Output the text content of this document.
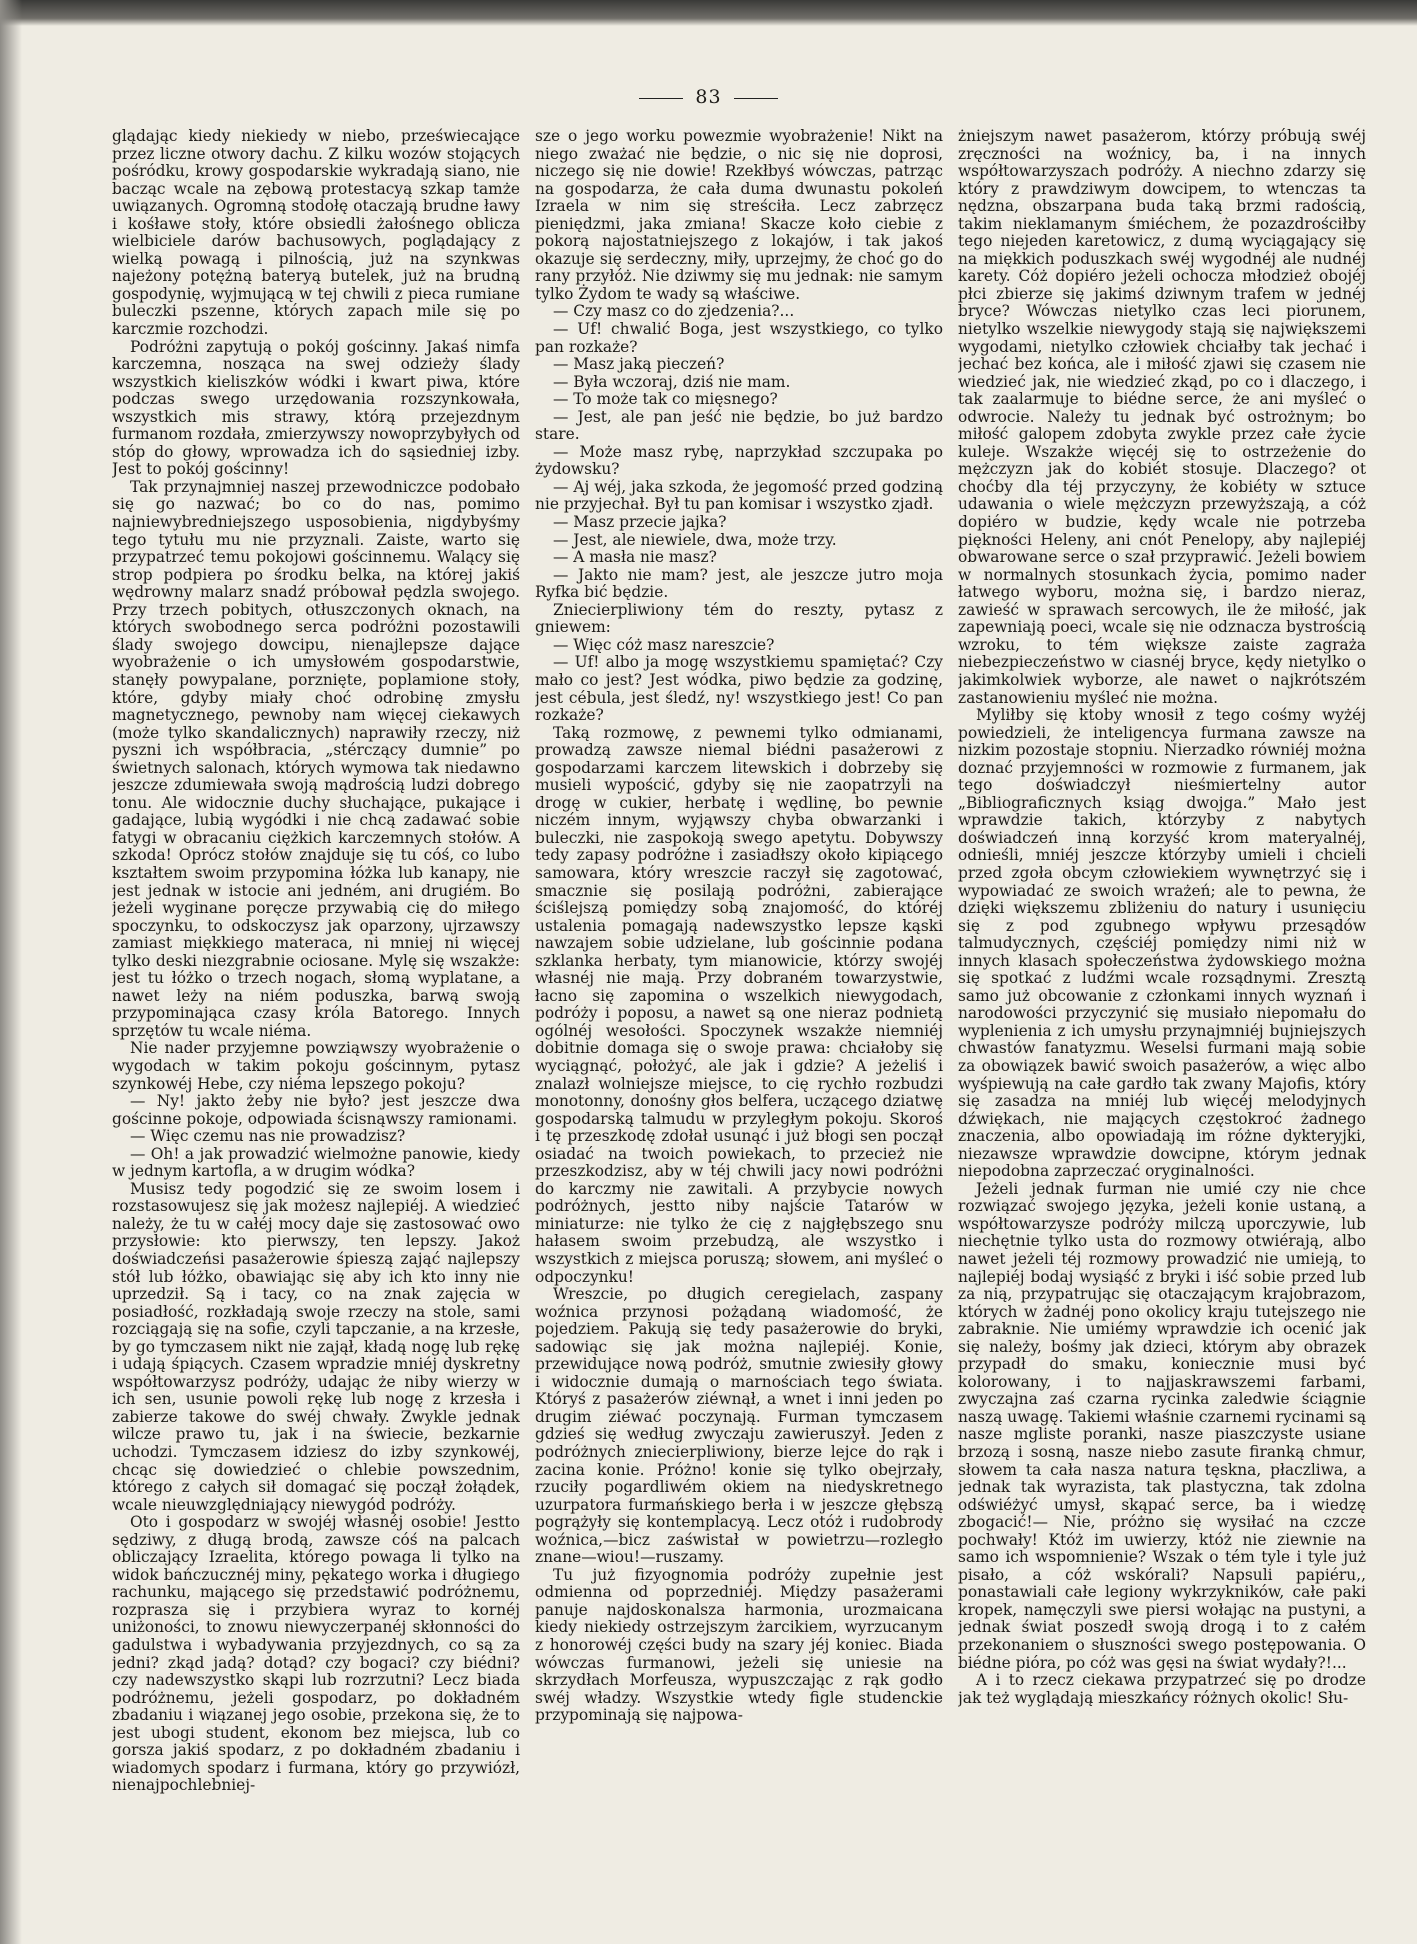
83

glądając kiedy niekiedy w niebo, przeświecające przez liczne otwory dachu. Z kilku wozów stojących pośródku, krowy gospodarskie wykradają siano, nie bacząc wcale na zębową protestacyą szkap tamże uwiązanych. Ogromną stodołę otaczają brudne ławy i kośławe stoły, które obsiedli żałośnego oblicza wielbiciele darów bachusowych, poglądający z wielką powagą i pilnością, już na szynkwas najeżony potężną bateryą butelek, już na brudną gospodynię, wyjmującą w tej chwili z pieca rumiane buleczki pszenne, których zapach mile się po karczmie rozchodzi.

Podróżni zapytują o pokój gościnny. Jakaś nimfa karczemna, nosząca na swej odzieży ślady wszystkich kieliszków wódki i kwart piwa, które podczas swego urzędowania rozszynkowała, wszystkich mis strawy, którą przejezdnym furmanom rozdała, zmierzywszy nowoprzybyłych od stóp do głowy, wprowadza ich do sąsiedniej izby. Jest to pokój gościnny!

Tak przynajmniej naszej przewodniczce podobało się go nazwać; bo co do nas, pomimo najniewybredniejszego usposobienia, nigdybyśmy tego tytułu mu nie przyznali. Zaiste, warto się przypatrzeć temu pokojowi gościnnemu. Walący się strop podpiera po środku belka, na której jakiś wędrowny malarz snadź próbował pędzla swojego. Przy trzech pobitych, otłuszczonych oknach, na których swobodnego serca podróżni pozostawili ślady swojego dowcipu, nienajlepsze dające wyobrażenie o ich umysłowém gospodarstwie, stanęły powypalane, porznięte, poplamione stoły, które, gdyby miały choć odrobinę zmysłu magnetycznego, pewnoby nam więcej ciekawych (może tylko skandalicznych) naprawiły rzeczy, niż pyszni ich współbracia, „stérczący dumnie” po świetnych salonach, których wymowa tak niedawno jeszcze zdumiewała swoją mądrością ludzi dobrego tonu. Ale widocznie duchy słuchające, pukające i gadające, lubią wygódki i nie chcą zadawać sobie fatygi w obracaniu ciężkich karczemnych stołów. A szkoda! Oprócz stołów znajduje się tu cóś, co lubo kształtem swoim przypomina łóżka lub kanapy, nie jest jednak w istocie ani jedném, ani drugiém. Bo jeżeli wyginane poręcze przywabią cię do miłego spoczynku, to odskoczysz jak oparzony, ujrzawszy zamiast miękkiego materaca, ni mniej ni więcej tylko deski niezgrabnie ociosane. Mylę się wszakże: jest tu łóżko o trzech nogach, słomą wyplatane, a nawet leży na niém poduszka, barwą swoją przypominająca czasy króla Batorego. Innych sprzętów tu wcale niéma.

Nie nader przyjemne powziąwszy wyobrażenie o wygodach w takim pokoju gościnnym, pytasz szynkowéj Hebe, czy niéma lepszego pokoju?

— Ny! jakto żeby nie było? jest jeszcze dwa gościnne pokoje, odpowiada ścisnąwszy ramionami.

— Więc czemu nas nie prowadzisz?

— Oh! a jak prowadzić wielmożne panowie, kiedy w jednym kartofla, a w drugim wódka?

Musisz tedy pogodzić się ze swoim losem i rozstasowujesz się jak możesz najlepiéj. A wiedzieć należy, że tu w całéj mocy daje się zastosować owo przysłowie: kto pierwszy, ten lepszy. Jakoż doświadczeńsi pasażerowie śpieszą zająć najlepszy stół lub łóżko, obawiając się aby ich kto inny nie uprzedził. Są i tacy, co na znak zajęcia w posiadłość, rozkładają swoje rzeczy na stole, sami rozciągają się na sofie, czyli tapczanie, a na krzesłe, by go tymczasem nikt nie zajął, kładą nogę lub rękę i udają śpiących. Czasem wpradzie mniéj dyskretny współtowarzysz podróży, udając że niby wierzy w ich sen, usunie powoli rękę lub nogę z krzesła i zabierze takowe do swéj chwały. Zwykle jednak wilcze prawo tu, jak i na świecie, bezkarnie uchodzi. Tymczasem idziesz do izby szynkowéj, chcąc się dowiedzieć o chlebie powszednim, którego z całych sił domagać się począł żołądek, wcale nieuwzględniający niewygód podróży.

Oto i gospodarz w swojéj własnéj osobie! Jestto sędziwy, z długą brodą, zawsze cóś na palcach obliczający Izraelita, którego powaga li tylko na widok bańczucznéj miny, pękatego worka i długiego rachunku, mającego się przedstawić podróżnemu, rozprasza się i przybiera wyraz to kornéj uniżoności, to znowu niewyczerpanéj skłonności do gadulstwa i wybadywania przyjezdnych, co są za jedni? zkąd jadą? dotąd? czy bogaci? czy biédni? czy nadewszystko skąpi lub rozrzutni? Lecz biada podróżnemu, jeżeli gospodarz, po dokładném zbadaniu i wiązanej jego osobie, przekona się, że to jest ubogi student, ekonom bez miejsca, lub co gorsza jakiś spodarz, z po dokładném zbadaniu i wiadomych spodarz i furmana, który go przywiózł, nienajpochlebniej-

sze o jego worku powezmie wyobrażenie! Nikt na niego zważać nie będzie, o nic się nie doprosi, niczego się nie dowie! Rzekłbyś wówczas, patrząc na gospodarza, że cała duma dwunastu pokoleń Izraela w nim się streściła. Lecz zabrzęcz pieniędzmi, jaka zmiana! Skacze koło ciebie z pokorą najostatniejszego z lokajów, i tak jakoś okazuje się serdeczny, miły, uprzejmy, że choć go do rany przyłóż. Nie dziwmy się mu jednak: nie samym tylko Żydom te wady są właściwe.

— Czy masz co do zjedzenia?...

— Uf! chwalić Boga, jest wszystkiego, co tylko pan rozkaże?

— Masz jaką pieczeń?

— Była wczoraj, dziś nie mam.

— To może tak co mięsnego?

— Jest, ale pan jeść nie będzie, bo już bardzo stare.

— Może masz rybę, naprzykład szczupaka po żydowsku?

— Aj wéj, jaka szkoda, że jegomość przed godziną nie przyjechał. Był tu pan komisar i wszystko zjadł.

— Masz przecie jajka?

— Jest, ale niewiele, dwa, może trzy.

— A masła nie masz?

— Jakto nie mam? jest, ale jeszcze jutro moja Ryfka bić będzie.

Zniecierpliwiony tém do reszty, pytasz z gniewem:

— Więc cóż masz nareszcie?

— Uf! albo ja mogę wszystkiemu spamiętać? Czy mało co jest? Jest wódka, piwo będzie za godzinę, jest cébula, jest śledź, ny! wszystkiego jest! Co pan rozkaże?

Taką rozmowę, z pewnemi tylko odmianami, prowadzą zawsze niemal biédni pasażerowi z gospodarzami karczem litewskich i dobrzeby się musieli wypościć, gdyby się nie zaopatrzyli na drogę w cukier, herbatę i wędlinę, bo pewnie niczém innym, wyjąwszy chyba obwarzanki i buleczki, nie zaspokoją swego apetytu. Dobywszy tedy zapasy podróżne i zasiadłszy około kipiącego samowara, który wreszcie raczył się zagotować, smacznie się posilają podróżni, zabierające ściślejszą pomiędzy sobą znajomość, do któréj ustalenia pomagają nadewszystko lepsze kąski nawzajem sobie udzielane, lub gościnnie podana szklanka herbaty, tym mianowicie, którzy swojéj własnéj nie mają. Przy dobraném towarzystwie, łacno się zapomina o wszelkich niewygodach, podróży i poposu, a nawet są one nieraz podnietą ogólnéj wesołości. Spoczynek wszakże niemniéj dobitnie domaga się o swoje prawa: chciałoby się wyciągnąć, położyć, ale jak i gdzie? A jeżeliś i znalazł wolniejsze miejsce, to cię rychło rozbudzi monotonny, donośny głos belfera, uczącego dziatwę gospodarską talmudu w przyległym pokoju. Skoroś i tę przeszkodę zdołał usunąć i już błogi sen począł osiadać na twoich powiekach, to przecież nie przeszkodzisz, aby w téj chwili jacy nowi podróżni do karczmy nie zawitali. A przybycie nowych podróżnych, jestto niby najście Tatarów w miniaturze: nie tylko że cię z najgłębszego snu hałasem swoim przebudzą, ale wszystko i wszystkich z miejsca poruszą; słowem, ani myśleć o odpoczynku!

Wreszcie, po długich ceregielach, zaspany woźnica przynosi pożądaną wiadomość, że pojedziem. Pakują się tedy pasażerowie do bryki, sadowiąc się jak można najlepiéj. Konie, przewidujące nową podróż, smutnie zwiesiły głowy i widocznie dumają o marnościach tego świata. Któryś z pasażerów ziéwnął, a wnet i inni jeden po drugim ziéwać poczynają. Furman tymczasem gdzieś się według zwyczaju zawieruszył. Jeden z podróżnych zniecierpliwiony, bierze lejce do rąk i zacina konie. Próżno! konie się tylko obejrzały, rzuciły pogardliwém okiem na niedyskretnego uzurpatora furmańskiego berła i w jeszcze głębszą pogrążyły się kontemplacyą. Lecz otóż i rudobrody woźnica,—bicz zaświstał w powietrzu—rozległo znane—wiou!—ruszamy.

Tu już fizyognomia podróży zupełnie jest odmienna od poprzedniéj. Między pasażerami panuje najdoskonalsza harmonia, urozmaicana kiedy niekiedy ostrzejszym żarcikiem, wyrzucanym z honorowéj części budy na szary jéj koniec. Biada wówczas furmanowi, jeżeli się uniesie na skrzydłach Morfeusza, wypuszczając z rąk godło swéj władzy. Wszystkie wtedy figle studenckie przypominają się najpowa-

żniejszym nawet pasażerom, którzy próbują swéj zręczności na woźnicy, ba, i na innych współtowarzyszach podróży. A niechno zdarzy się który z prawdziwym dowcipem, to wtenczas ta nędzna, obszarpana buda taką brzmi radością, takim nieklamanym śmiéchem, że pozazdrościłby tego niejeden karetowicz, z dumą wyciągający się na miękkich poduszkach swéj wygodnéj ale nudnéj karety. Cóż dopiéro jeżeli ochocza młodzież obojéj płci zbierze się jakimś dziwnym trafem w jednéj bryce? Wówczas nietylko czas leci piorunem, nietylko wszelkie niewygody stają się największemi wygodami, nietylko człowiek chciałby tak jechać i jechać bez końca, ale i miłość zjawi się czasem nie wiedzieć jak, nie wiedzieć zkąd, po co i dlaczego, i tak zaalarmuje to biédne serce, że ani myśleć o odwrocie. Należy tu jednak być ostrożnym; bo miłość galopem zdobyta zwykle przez całe życie kuleje. Wszakże więcéj się to ostrzeżenie do mężczyzn jak do kobiét stosuje. Dlaczego? ot choćby dla téj przyczyny, że kobiéty w sztuce udawania o wiele mężczyzn przewyższają, a cóż dopiéro w budzie, kędy wcale nie potrzeba piękności Heleny, ani cnót Penelopy, aby najlepiéj obwarowane serce o szał przyprawić. Jeżeli bowiem w normalnych stosunkach życia, pomimo nader łatwego wyboru, można się, i bardzo nieraz, zawieść w sprawach sercowych, ile że miłość, jak zapewniają poeci, wcale się nie odznacza bystrością wzroku, to tém większe zaiste zagraża niebezpieczeństwo w ciasnéj bryce, kędy nietylko o jakimkolwiek wyborze, ale nawet o najkrótszém zastanowieniu myśleć nie można.

Myliłby się ktoby wnosił z tego cośmy wyżéj powiedzieli, że inteligencya furmana zawsze na nizkim pozostaje stopniu. Nierzadko równiéj można doznać przyjemności w rozmowie z furmanem, jak tego doświadczył nieśmiertelny autor „Bibliograficznych ksiąg dwojga.” Mało jest wprawdzie takich, którzyby z nabytych doświadczeń inną korzyść krom materyalnéj, odnieśli, mniéj jeszcze którzyby umieli i chcieli przed zgoła obcym człowiekiem wywnętrzyć się i wypowiadać ze swoich wrażeń; ale to pewna, że dzięki większemu zbliżeniu do natury i usunięciu się z pod zgubnego wpływu przesądów talmudycznych, częściéj pomiędzy nimi niż w innych klasach społeczeństwa żydowskiego można się spotkać z ludźmi wcale rozsądnymi. Zresztą samo już obcowanie z członkami innych wyznań i narodowości przyczynić się musiało niepomału do wyplenienia z ich umysłu przynajmniéj bujniejszych chwastów fanatyzmu. Weselsi furmani mają sobie za obowiązek bawić swoich pasażerów, a więc albo wyśpiewują na całe gardło tak zwany Majofis, który się zasadza na mniéj lub więcéj melodyjnych dźwiękach, nie mających częstokroć żadnego znaczenia, albo opowiadają im różne dykteryjki, niezawsze wprawdzie dowcipne, którym jednak niepodobna zaprzeczać oryginalności.

Jeżeli jednak furman nie umié czy nie chce rozwiązać swojego języka, jeżeli konie ustaną, a współtowarzysze podróży milczą uporczywie, lub niechętnie tylko usta do rozmowy otwiérają, albo nawet jeżeli téj rozmowy prowadzić nie umieją, to najlepiéj bodaj wysiąść z bryki i iść sobie przed lub za nią, przypatrując się otaczającym krajobrazom, których w żadnéj pono okolicy kraju tutejszego nie zabraknie. Nie umiémy wprawdzie ich ocenić jak się należy, bośmy jak dzieci, którym aby obrazek przypadł do smaku, koniecznie musi być kolorowany, i to najjaskrawszemi farbami, zwyczajna zaś czarna rycinka zaledwie ściągnie naszą uwagę. Takiemi właśnie czarnemi rycinami są nasze mgliste poranki, nasze piaszczyste usiane brzozą i sosną, nasze niebo zasute firanką chmur, słowem ta cała nasza natura tęskna, płaczliwa, a jednak tak wyrazista, tak plastyczna, tak zdolna odświéżyć umysł, skąpać serce, ba i wiedzę zbogacić!— Nie, próżno się wysiłać na czcze pochwały! Któż im uwierzy, któż nie ziewnie na samo ich wspomnienie? Wszak o tém tyle i tyle już pisało, a cóż wskórali? Napsuli papiéru,, ponastawiali całe legiony wykrzykników, całe paki kropek, namęczyli swe piersi wołając na pustyni, a jednak świat poszedł swoją drogą i to z całém przekonaniem o słuszności swego postępowania. O biédne pióra, po cóż was gęsi na świat wydały?!...

A i to rzecz ciekawa przypatrzeć się po drodze jak też wyglądają mieszkańcy różnych okolic! Słu-
